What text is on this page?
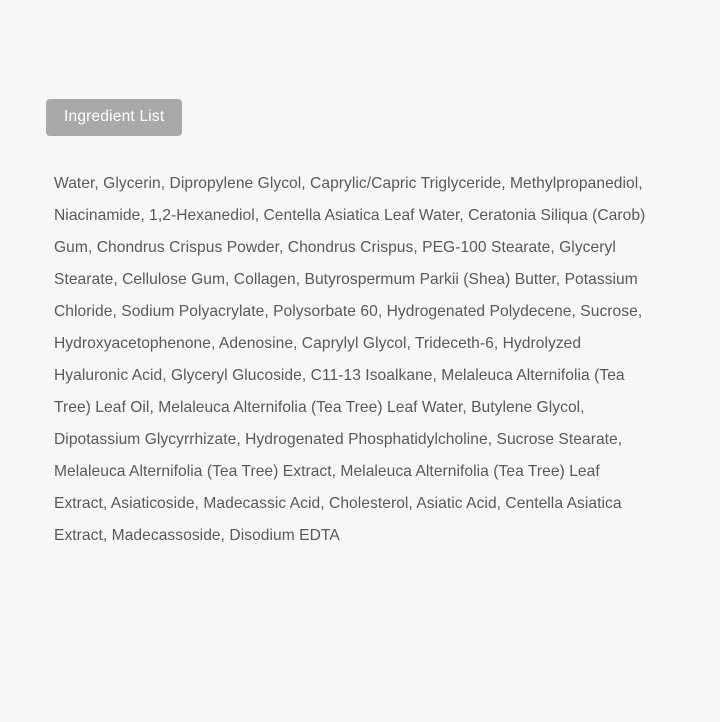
Ingredient List
Water, Glycerin, Dipropylene Glycol, Caprylic/Capric Triglyceride, Methylpropanediol, Niacinamide, 1,2-Hexanediol, Centella Asiatica Leaf Water, Ceratonia Siliqua (Carob) Gum, Chondrus Crispus Powder, Chondrus Crispus, PEG-100 Stearate, Glyceryl Stearate, Cellulose Gum, Collagen, Butyrospermum Parkii (Shea) Butter, Potassium Chloride, Sodium Polyacrylate, Polysorbate 60, Hydrogenated Polydecene, Sucrose, Hydroxyacetophenone, Adenosine, Caprylyl Glycol, Trideceth-6, Hydrolyzed Hyaluronic Acid, Glyceryl Glucoside, C11-13 Isoalkane, Melaleuca Alternifolia (Tea Tree) Leaf Oil, Melaleuca Alternifolia (Tea Tree) Leaf Water, Butylene Glycol, Dipotassium Glycyrrhizate, Hydrogenated Phosphatidylcholine, Sucrose Stearate, Melaleuca Alternifolia (Tea Tree) Extract, Melaleuca Alternifolia (Tea Tree) Leaf Extract, Asiaticoside, Madecassic Acid, Cholesterol, Asiatic Acid, Centella Asiatica Extract, Madecassoside, Disodium EDTA
